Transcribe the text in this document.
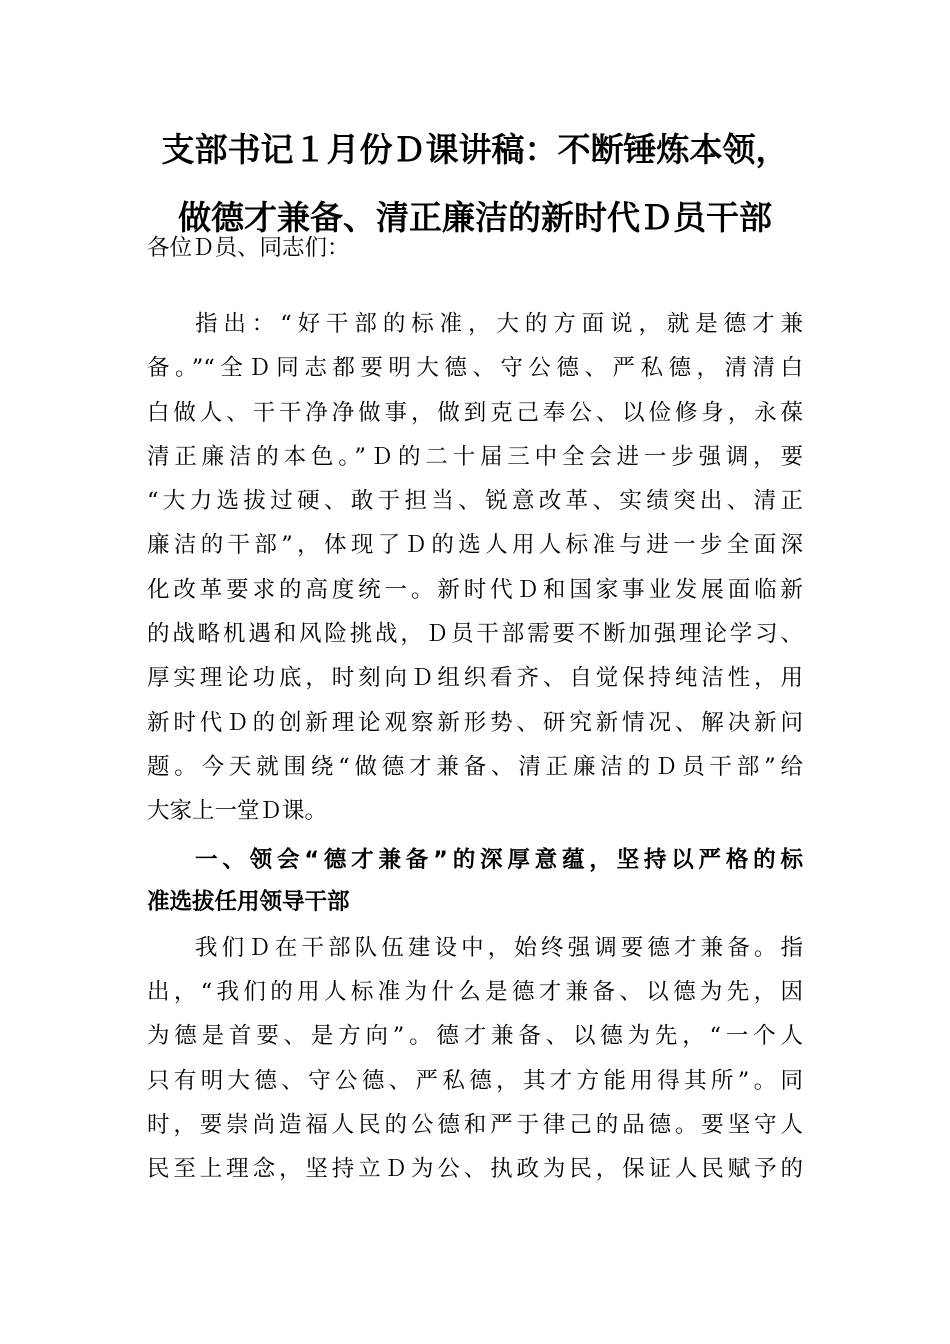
支部书记１月份Ｄ课讲稿：不断锤炼本领，
做德才兼备、清正廉洁的新时代Ｄ员干部
各位Ｄ员、同志们：
指出：“好干部的标准，大的方面说，就是德才兼
备。”“全Ｄ同志都要明大德、守公德、严私德，清清白
白做人、干干净净做事，做到克己奉公、以俭修身，永葆
清正廉洁的本色。”Ｄ的二十届三中全会进一步强调，要
“大力选拔过硬、敢于担当、锐意改革、实绩突出、清正
廉洁的干部”，体现了Ｄ的选人用人标准与进一步全面深
化改革要求的高度统一。新时代Ｄ和国家事业发展面临新
的战略机遇和风险挑战，Ｄ员干部需要不断加强理论学习、
厚实理论功底，时刻向Ｄ组织看齐、自觉保持纯洁性，用
新时代Ｄ的创新理论观察新形势、研究新情况、解决新问
题。今天就围绕“做德才兼备、清正廉洁的Ｄ员干部”给
大家上一堂Ｄ课。
一、领会“德才兼备”的深厚意蕴，坚持以严格的标
准选拔任用领导干部
我们Ｄ在干部队伍建设中，始终强调要德才兼备。指
出，“我们的用人标准为什么是德才兼备、以德为先，因
为德是首要、是方向”。德才兼备、以德为先，“一个人
只有明大德、守公德、严私德，其才方能用得其所”。同
时，要崇尚造福人民的公德和严于律己的品德。要坚守人
民至上理念，坚持立Ｄ为公、执政为民，保证人民赋予的
